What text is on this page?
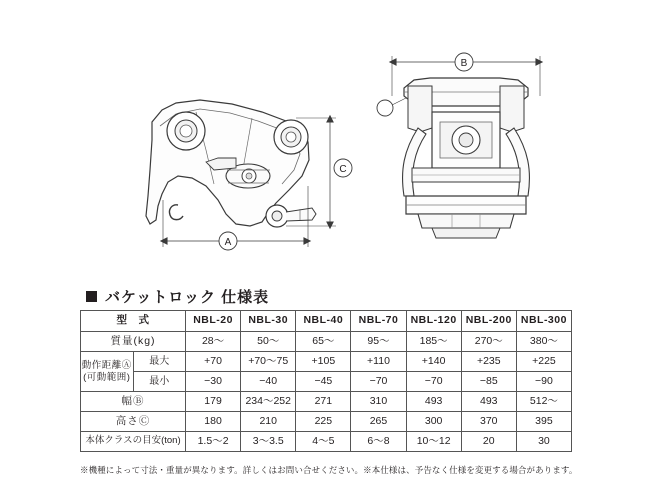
C
A
B
バケットロック 仕様表
型　式		NBL-20	NBL-30	NBL-40	NBL-70	NBL-120	NBL-200	NBL-300
質量(kg)		28〜	50〜	65〜	95〜	185〜	270〜	380〜

動作距離Ⓐ
(可動範囲)	最大	+70	+70〜75	+105	+110	+140	+235	+225
	最小	−30	−40	−45	−70	−70	−85	−90
幅Ⓑ		179	234〜252	271	310	493	493	512〜
高さⒸ		180	210	225	265	300	370	395
本体クラスの目安(ton)		1.5〜2	3〜3.5	4〜5	6〜8	10〜12	20	30
※機種によって寸法・重量が異なります。詳しくはお問い合せください。※本仕様は、予告なく仕様を変更する場合があります。
